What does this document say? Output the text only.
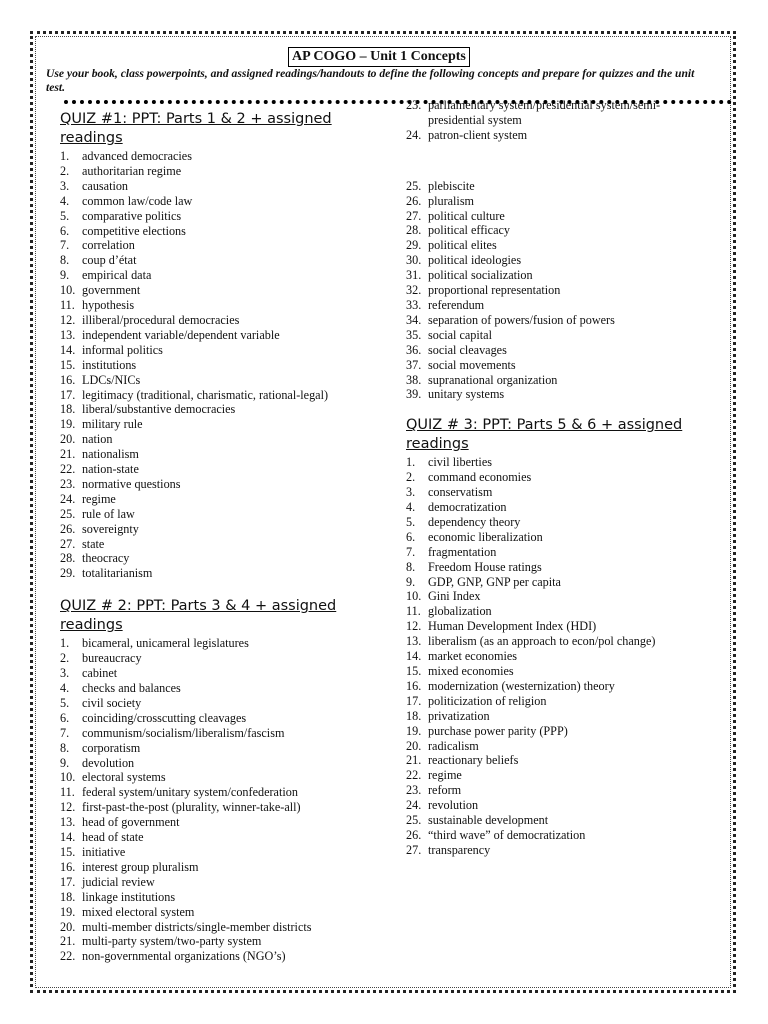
AP COGO – Unit 1 Concepts
Use your book, class powerpoints, and assigned readings/handouts to define the following concepts and prepare for quizzes and the unit test.
QUIZ #1: PPT: Parts 1 & 2 + assigned readings
1.	advanced democracies
2.	authoritarian regime
3.	causation
4.	common law/code law
5.	comparative politics
6.	competitive elections
7.	correlation
8.	coup d’état
9.	empirical data
10. government
11. hypothesis
12. illiberal/procedural democracies
13. independent variable/dependent variable
14. informal politics
15. institutions
16. LDCs/NICs
17. legitimacy (traditional, charismatic, rational-legal)
18. liberal/substantive democracies
19. military rule
20. nation
21. nationalism
22. nation-state
23. normative questions
24. regime
25. rule of law
26. sovereignty
27. state
28. theocracy
29. totalitarianism
QUIZ # 2: PPT: Parts 3 & 4 + assigned readings
1.	bicameral, unicameral legislatures
2.	bureaucracy
3.	cabinet
4.	checks and balances
5.	civil society
6.	coinciding/crosscutting cleavages
7.	communism/socialism/liberalism/fascism
8.	corporatism
9.	devolution
10. electoral systems
11. federal system/unitary system/confederation
12. first-past-the-post (plurality, winner-take-all)
13. head of government
14. head of state
15. initiative
16. interest group pluralism
17. judicial review
18. linkage institutions
19. mixed electoral system
20. multi-member districts/single-member districts
21. multi-party system/two-party system
22. non-governmental organizations (NGO’s)
23. parliamentary system/presidential system/semi-presidential system
24. patron-client system
25. plebiscite
26. pluralism
27. political culture
28. political efficacy
29. political elites
30. political ideologies
31. political socialization
32. proportional representation
33. referendum
34. separation of powers/fusion of powers
35. social capital
36. social cleavages
37. social movements
38. supranational organization
39. unitary systems
QUIZ # 3: PPT: Parts 5 & 6 + assigned readings
1.	civil liberties
2.	command economies
3.	conservatism
4.	democratization
5.	dependency theory
6.	economic liberalization
7.	fragmentation
8.	Freedom House ratings
9.	GDP, GNP, GNP per capita
10. Gini Index
11. globalization
12. Human Development Index (HDI)
13. liberalism (as an approach to econ/pol change)
14. market economies
15. mixed economies
16. modernization (westernization) theory
17. politicization of religion
18. privatization
19. purchase power parity (PPP)
20. radicalism
21. reactionary beliefs
22. regime
23. reform
24. revolution
25. sustainable development
26. “third wave” of democratization
27. transparency
